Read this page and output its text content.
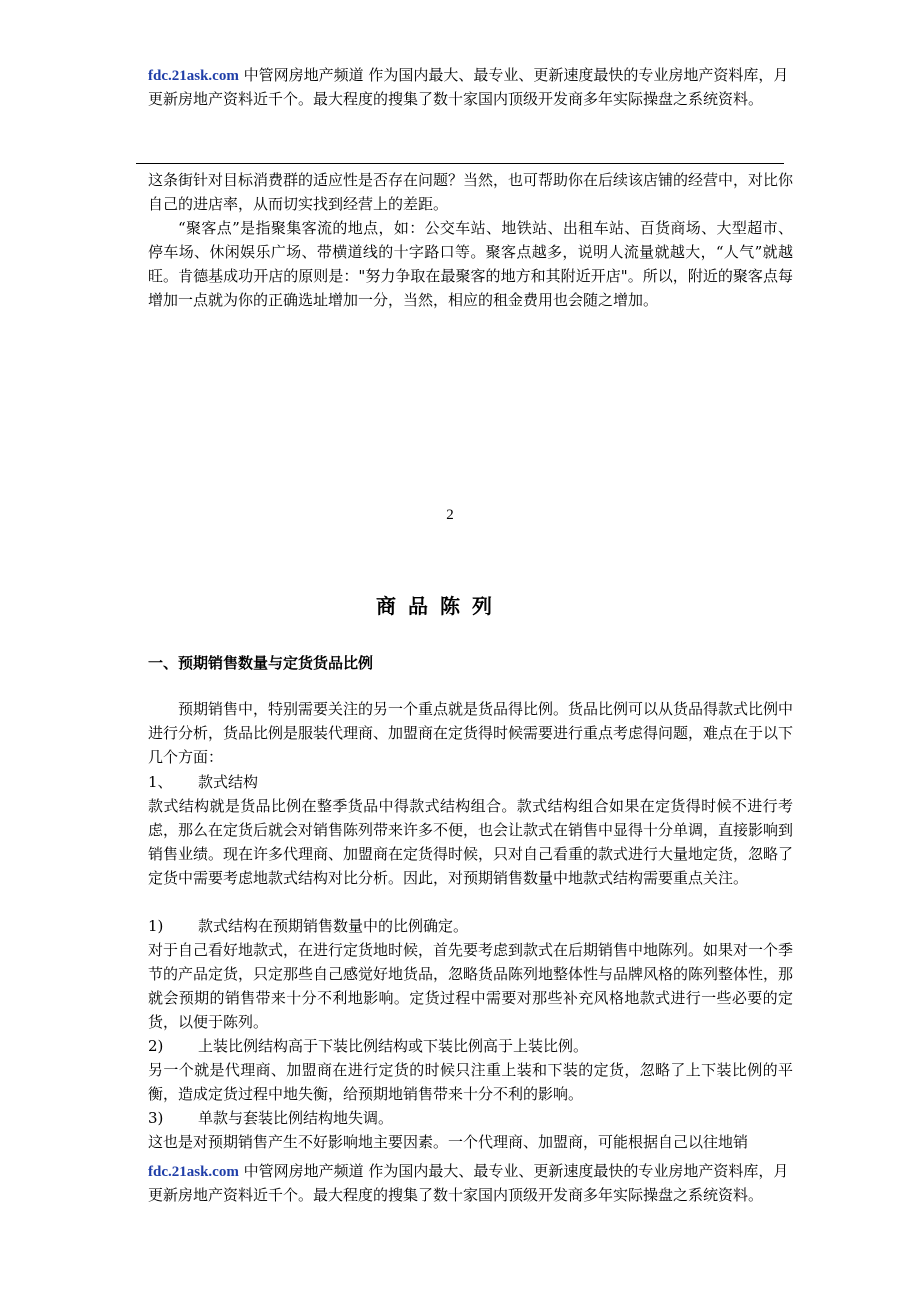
fdc.21ask.com 中管网房地产频道 作为国内最大、最专业、更新速度最快的专业房地产资料库，月更新房地产资料近千个。最大程度的搜集了数十家国内顶级开发商多年实际操盘之系统资料。

这条街针对目标消费群的适应性是否存在问题？当然，也可帮助你在后续该店铺的经营中，对比你自己的进店率，从而切实找到经营上的差距。

“聚客点”是指聚集客流的地点，如：公交车站、地铁站、出租车站、百货商场、大型超市、停车场、休闲娱乐广场、带横道线的十字路口等。聚客点越多，说明人流量就越大，“人气”就越旺。肯德基成功开店的原则是："努力争取在最聚客的地方和其附近开店"。所以，附近的聚客点每增加一点就为你的正确选址增加一分，当然，相应的租金费用也会随之增加。

2
商品陈列
一、预期销售数量与定货货品比例

预期销售中，特别需要关注的另一个重点就是货品得比例。货品比例可以从货品得款式比例中进行分析，货品比例是服装代理商、加盟商在定货得时候需要进行重点考虑得问题，难点在于以下几个方面：

1、 款式结构

款式结构就是货品比例在整季货品中得款式结构组合。款式结构组合如果在定货得时候不进行考虑，那么在定货后就会对销售陈列带来许多不便，也会让款式在销售中显得十分单调，直接影响到销售业绩。现在许多代理商、加盟商在定货得时候，只对自己看重的款式进行大量地定货，忽略了定货中需要考虑地款式结构对比分析。因此，对预期销售数量中地款式结构需要重点关注。

1) 款式结构在预期销售数量中的比例确定。

对于自己看好地款式，在进行定货地时候，首先要考虑到款式在后期销售中地陈列。如果对一个季节的产品定货，只定那些自己感觉好地货品，忽略货品陈列地整体性与品牌风格的陈列整体性，那就会预期的销售带来十分不利地影响。定货过程中需要对那些补充风格地款式进行一些必要的定货，以便于陈列。

2) 上装比例结构高于下装比例结构或下装比例高于上装比例。

另一个就是代理商、加盟商在进行定货的时候只注重上装和下装的定货，忽略了上下装比例的平衡，造成定货过程中地失衡，给预期地销售带来十分不利的影响。

3) 单款与套装比例结构地失调。

这也是对预期销售产生不好影响地主要因素。一个代理商、加盟商，可能根据自己以往地销

fdc.21ask.com 中管网房地产频道 作为国内最大、最专业、更新速度最快的专业房地产资料库，月更新房地产资料近千个。最大程度的搜集了数十家国内顶级开发商多年实际操盘之系统资料。
